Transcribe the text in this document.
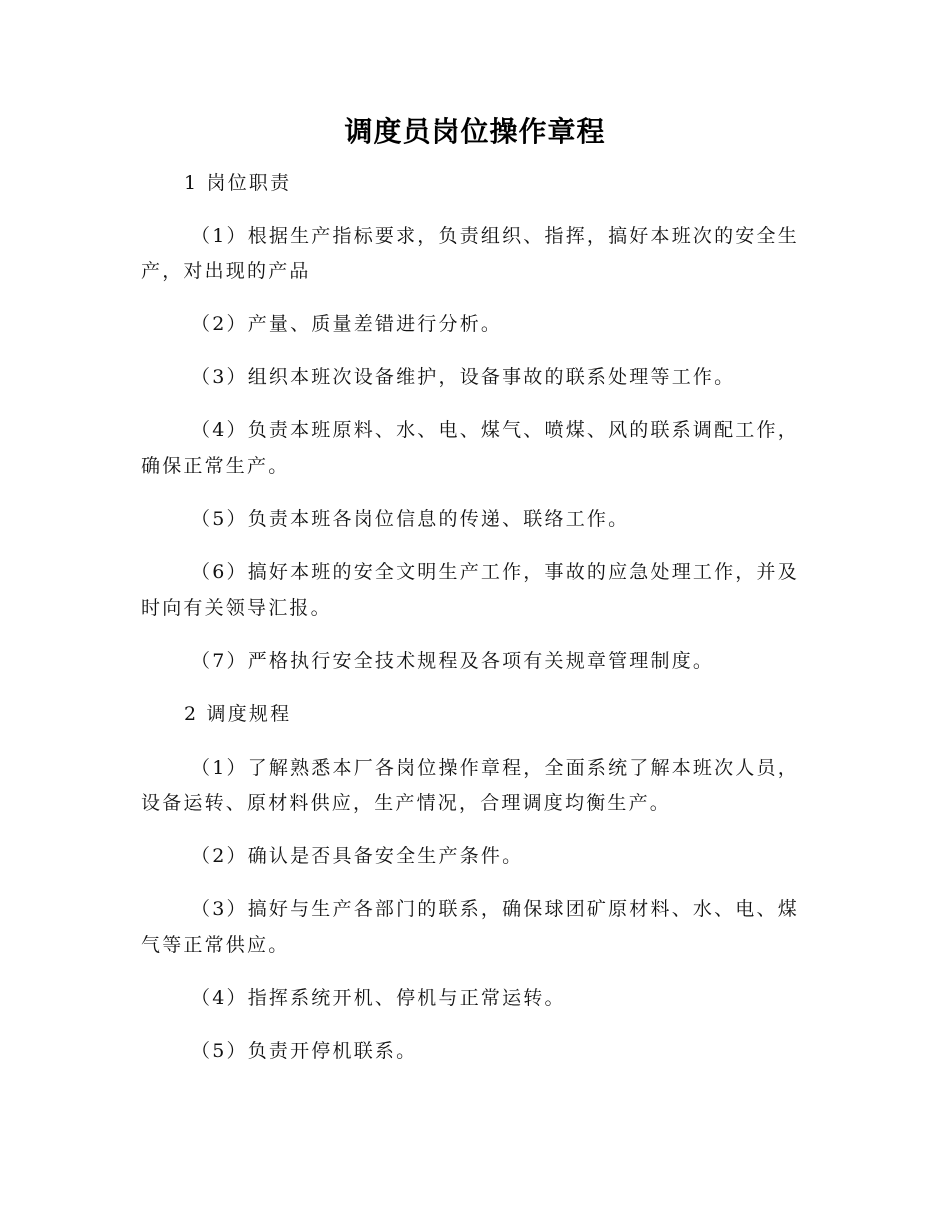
调度员岗位操作章程
1 岗位职责
（1）根据生产指标要求，负责组织、指挥，搞好本班次的安全生
产，对出现的产品
（2）产量、质量差错进行分析。
（3）组织本班次设备维护，设备事故的联系处理等工作。
（4）负责本班原料、水、电、煤气、喷煤、风的联系调配工作，
确保正常生产。
（5）负责本班各岗位信息的传递、联络工作。
（6）搞好本班的安全文明生产工作，事故的应急处理工作，并及
时向有关领导汇报。
（7）严格执行安全技术规程及各项有关规章管理制度。
2 调度规程
（1）了解熟悉本厂各岗位操作章程，全面系统了解本班次人员，
设备运转、原材料供应，生产情况，合理调度均衡生产。
（2）确认是否具备安全生产条件。
（3）搞好与生产各部门的联系，确保球团矿原材料、水、电、煤
气等正常供应。
（4）指挥系统开机、停机与正常运转。
（5）负责开停机联系。
